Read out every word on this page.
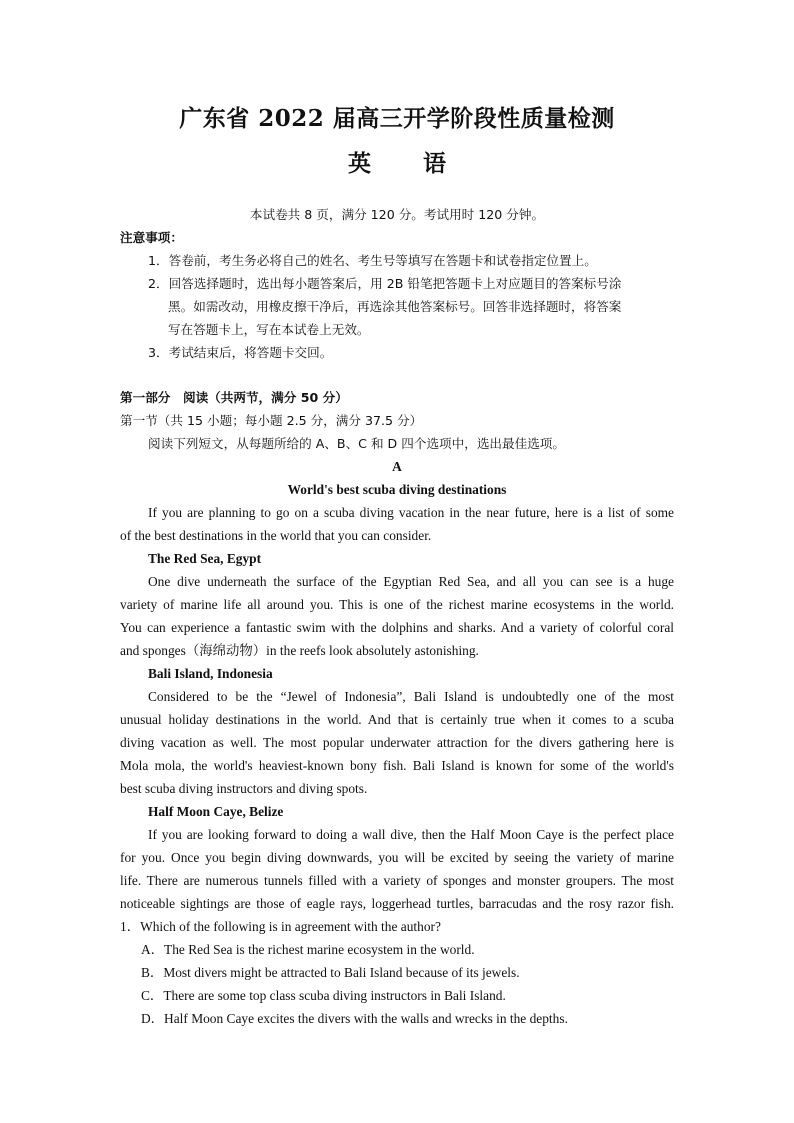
广东省 2022 届高三开学阶段性质量检测
英 语
本试卷共 8 页，满分 120 分。考试用时 120 分钟。
注意事项：
1．答卷前，考生务必将自己的姓名、考生号等填写在答题卡和试卷指定位置上。
2．回答选择题时，选出每小题答案后，用 2B 铅笔把答题卡上对应题目的答案标号涂
黑。如需改动，用橡皮擦干净后，再选涂其他答案标号。回答非选择题时，将答案
写在答题卡上，写在本试卷上无效。
3．考试结束后，将答题卡交回。
第一部分　阅读（共两节，满分 50 分）
第一节（共 15 小题；每小题 2.5 分，满分 37.5 分）
阅读下列短文，从每题所给的 A、B、C 和 D 四个选项中，选出最佳选项。
A
World's best scuba diving destinations
If you are planning to go on a scuba diving vacation in the near future, here is a list of some
of the best destinations in the world that you can consider.
The Red Sea, Egypt
One dive underneath the surface of the Egyptian Red Sea, and all you can see is a huge
variety of marine life all around you. This is one of the richest marine ecosystems in the world.
You can experience a fantastic swim with the dolphins and sharks. And a variety of colorful coral
and sponges（海绵动物）in the reefs look absolutely astonishing.
Bali Island, Indonesia
Considered to be the “Jewel of Indonesia”, Bali Island is undoubtedly one of the most
unusual holiday destinations in the world. And that is certainly true when it comes to a scuba
diving vacation as well. The most popular underwater attraction for the divers gathering here is
Mola mola, the world's heaviest-known bony fish. Bali Island is known for some of the world's
best scuba diving instructors and diving spots.
Half Moon Caye, Belize
If you are looking forward to doing a wall dive, then the Half Moon Caye is the perfect place
for you. Once you begin diving downwards, you will be excited by seeing the variety of marine
life. There are numerous tunnels filled with a variety of sponges and monster groupers. The most
noticeable sightings are those of eagle rays, loggerhead turtles, barracudas and the rosy razor fish.
1．Which of the following is in agreement with the author?
A．The Red Sea is the richest marine ecosystem in the world.
B．Most divers might be attracted to Bali Island because of its jewels.
C．There are some top class scuba diving instructors in Bali Island.
D．Half Moon Caye excites the divers with the walls and wrecks in the depths.
